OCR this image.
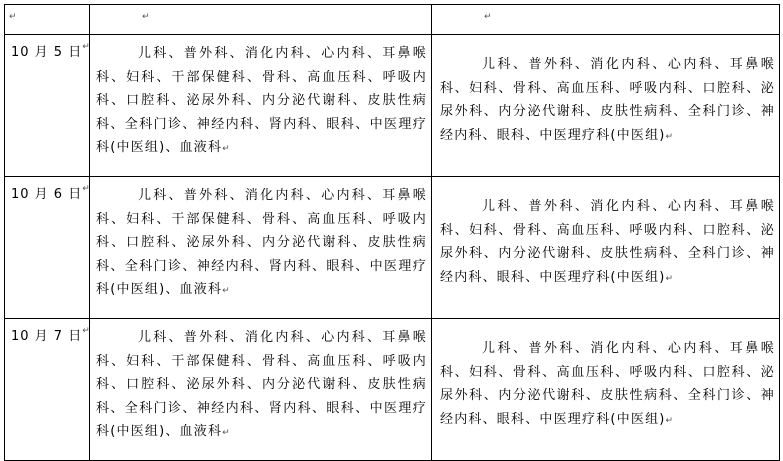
↵	↵	↵

10 月 5 日↵	儿科、普外科、消化内科、心内科、耳鼻喉科、妇科、干部保健科、骨科、高血压科、呼吸内科、口腔科、泌尿外科、内分泌代谢科、皮肤性病科、全科门诊、神经内科、肾内科、眼科、中医理疗科(中医组)、血液科↵	儿科、普外科、消化内科、心内科、耳鼻喉科、妇科、骨科、高血压科、呼吸内科、口腔科、泌尿外科、内分泌代谢科、皮肤性病科、全科门诊、神经内科、眼科、中医理疗科(中医组)↵

10 月 6 日↵	儿科、普外科、消化内科、心内科、耳鼻喉科、妇科、干部保健科、骨科、高血压科、呼吸内科、口腔科、泌尿外科、内分泌代谢科、皮肤性病科、全科门诊、神经内科、肾内科、眼科、中医理疗科(中医组)、血液科↵	儿科、普外科、消化内科、心内科、耳鼻喉科、妇科、骨科、高血压科、呼吸内科、口腔科、泌尿外科、内分泌代谢科、皮肤性病科、全科门诊、神经内科、眼科、中医理疗科(中医组)↵

10 月 7 日↵	儿科、普外科、消化内科、心内科、耳鼻喉科、妇科、干部保健科、骨科、高血压科、呼吸内科、口腔科、泌尿外科、内分泌代谢科、皮肤性病科、全科门诊、神经内科、肾内科、眼科、中医理疗科(中医组)、血液科↵	儿科、普外科、消化内科、心内科、耳鼻喉科、妇科、骨科、高血压科、呼吸内科、口腔科、泌尿外科、内分泌代谢科、皮肤性病科、全科门诊、神经内科、眼科、中医理疗科(中医组)↵
